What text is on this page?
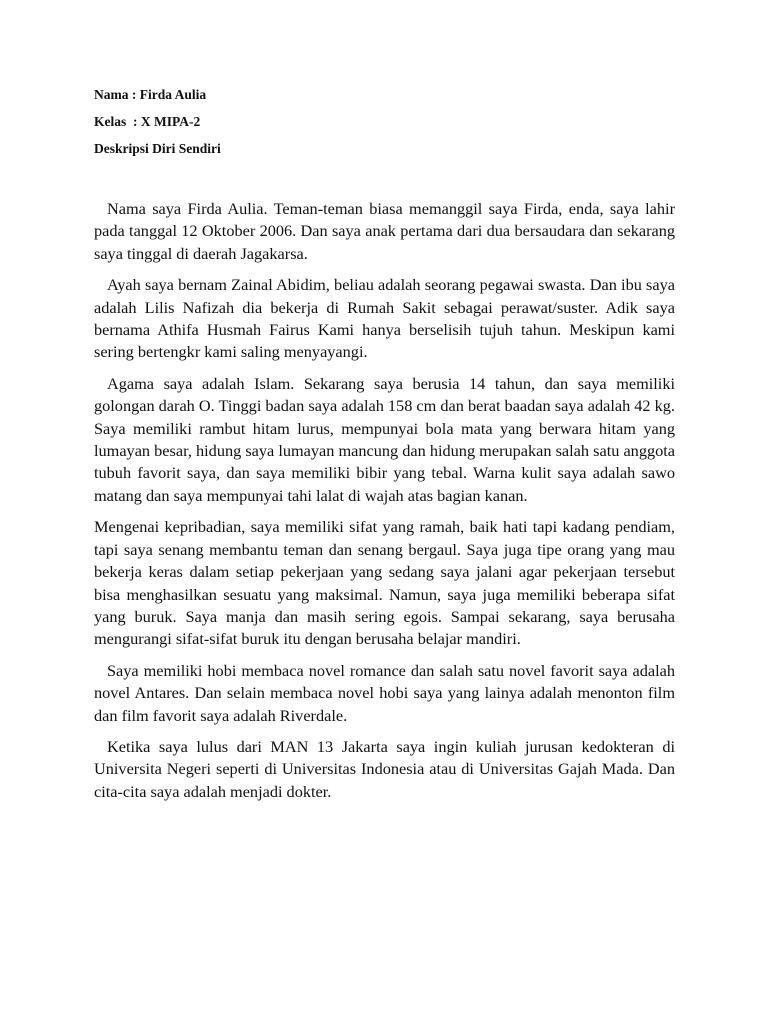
Nama : Firda Aulia
Kelas  : X MIPA-2
Deskripsi Diri Sendiri

Nama saya Firda Aulia. Teman-teman biasa memanggil saya Firda, enda, saya lahir pada tanggal 12 Oktober 2006. Dan saya anak pertama dari dua bersaudara dan sekarang saya tinggal di daerah Jagakarsa.

Ayah saya bernam Zainal Abidim, beliau adalah seorang pegawai swasta. Dan ibu saya adalah Lilis Nafizah dia bekerja di Rumah Sakit sebagai perawat/suster. Adik saya bernama Athifa Husmah Fairus Kami hanya berselisih tujuh tahun. Meskipun kami sering bertengkr kami saling menyayangi.

Agama saya adalah Islam. Sekarang saya berusia 14 tahun, dan saya memiliki golongan darah O. Tinggi badan saya adalah 158 cm dan berat baadan saya adalah 42 kg. Saya memiliki rambut hitam lurus, mempunyai bola mata yang berwara hitam yang lumayan besar, hidung saya lumayan mancung dan hidung merupakan salah satu anggota tubuh favorit saya, dan saya memiliki bibir yang tebal. Warna kulit saya adalah sawo matang dan saya mempunyai tahi lalat di wajah atas bagian kanan.

Mengenai kepribadian, saya memiliki sifat yang ramah, baik hati tapi kadang pendiam, tapi saya senang membantu teman dan senang bergaul. Saya juga tipe orang yang mau bekerja keras dalam setiap pekerjaan yang sedang saya jalani agar pekerjaan tersebut bisa menghasilkan sesuatu yang maksimal. Namun, saya juga memiliki beberapa sifat yang buruk. Saya manja dan masih sering egois. Sampai sekarang, saya berusaha mengurangi sifat-sifat buruk itu dengan berusaha belajar mandiri.

Saya memiliki hobi membaca novel romance dan salah satu novel favorit saya adalah novel Antares. Dan selain membaca novel hobi saya yang lainya adalah menonton film dan film favorit saya adalah Riverdale.

Ketika saya lulus dari MAN 13 Jakarta saya ingin kuliah jurusan kedokteran di Universita Negeri seperti di Universitas Indonesia atau di Universitas Gajah Mada. Dan cita-cita saya adalah menjadi dokter.
